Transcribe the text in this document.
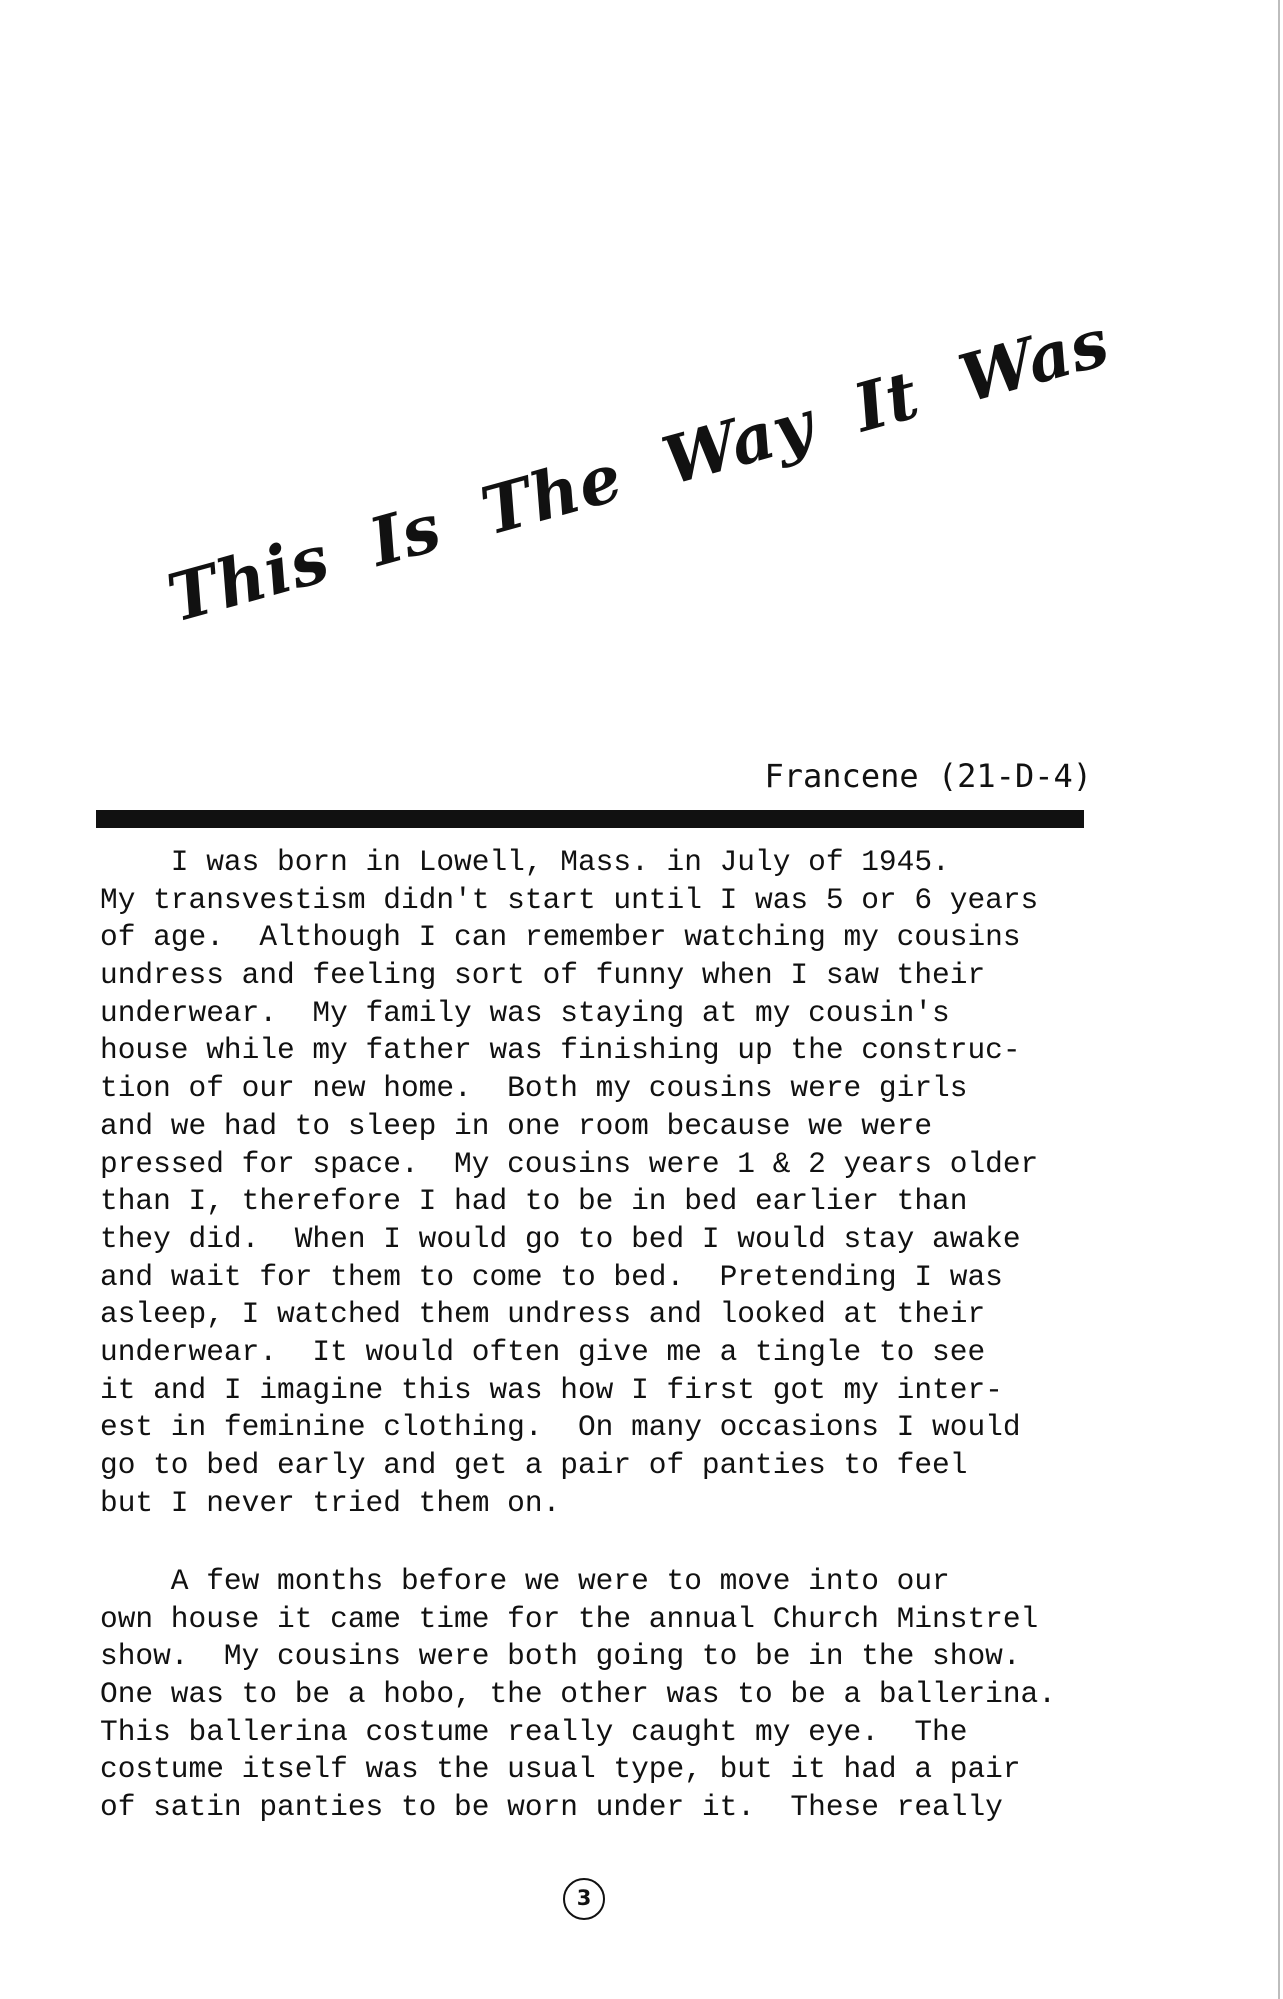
This Is The Way It Was
Francene (21-D-4)
I was born in Lowell, Mass. in July of 1945.
My transvestism didn't start until I was 5 or 6 years
of age.  Although I can remember watching my cousins
undress and feeling sort of funny when I saw their
underwear.  My family was staying at my cousin's
house while my father was finishing up the construc-
tion of our new home.  Both my cousins were girls
and we had to sleep in one room because we were
pressed for space.  My cousins were 1 & 2 years older
than I, therefore I had to be in bed earlier than
they did.  When I would go to bed I would stay awake
and wait for them to come to bed.  Pretending I was
asleep, I watched them undress and looked at their
underwear.  It would often give me a tingle to see
it and I imagine this was how I first got my inter-
est in feminine clothing.  On many occasions I would
go to bed early and get a pair of panties to feel
but I never tried them on.
A few months before we were to move into our
own house it came time for the annual Church Minstrel
show.  My cousins were both going to be in the show.
One was to be a hobo, the other was to be a ballerina.
This ballerina costume really caught my eye.  The
costume itself was the usual type, but it had a pair
of satin panties to be worn under it.  These really
3
